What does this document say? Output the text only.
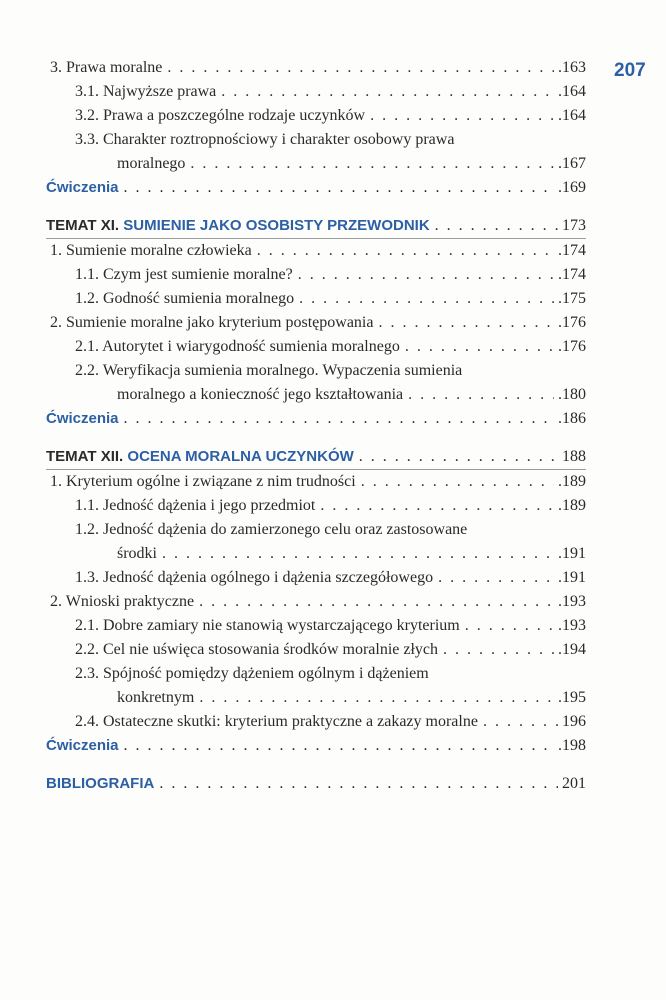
207
3. Prawa moralne . . .	.163
3.1. Najwyższe prawa . . .	.164
3.2. Prawa a poszczególne rodzaje uczynków . . .	.164
3.3. Charakter roztropnościowy i charakter osobowy prawa
moralnego . . .	.167
Ćwiczenia . . .	.169
TEMAT XI. SUMIENIE JAKO OSOBISTY PRZEWODNIK . . .	173
1. Sumienie moralne człowieka . . .	.174
1.1. Czym jest sumienie moralne? . . .	.174
1.2. Godność sumienia moralnego . . .	.175
2. Sumienie moralne jako kryterium postępowania . . .	.176
2.1. Autorytet i wiarygodność sumienia moralnego . . .	.176
2.2. Weryfikacja sumienia moralnego. Wypaczenia sumienia
moralnego a konieczność jego kształtowania . . .	.180
Ćwiczenia . . .	.186
TEMAT XII. OCENA MORALNA UCZYNKÓW . . .	188
1. Kryterium ogólne i związane z nim trudności . . .	.189
1.1. Jedność dążenia i jego przedmiot . . .	.189
1.2. Jedność dążenia do zamierzonego celu oraz zastosowane
środki . . .	.191
1.3. Jedność dążenia ogólnego i dążenia szczegółowego . . .	.191
2. Wnioski praktyczne . . .	.193
2.1. Dobre zamiary nie stanowią wystarczającego kryterium . . .	.193
2.2. Cel nie uświęca stosowania środków moralnie złych . . .	.194
2.3. Spójność pomiędzy dążeniem ogólnym i dążeniem
konkretnym . . .	.195
2.4. Ostateczne skutki: kryterium praktyczne a zakazy moralne . . .	196
Ćwiczenia . . .	.198
BIBLIOGRAFIA . . .	201
